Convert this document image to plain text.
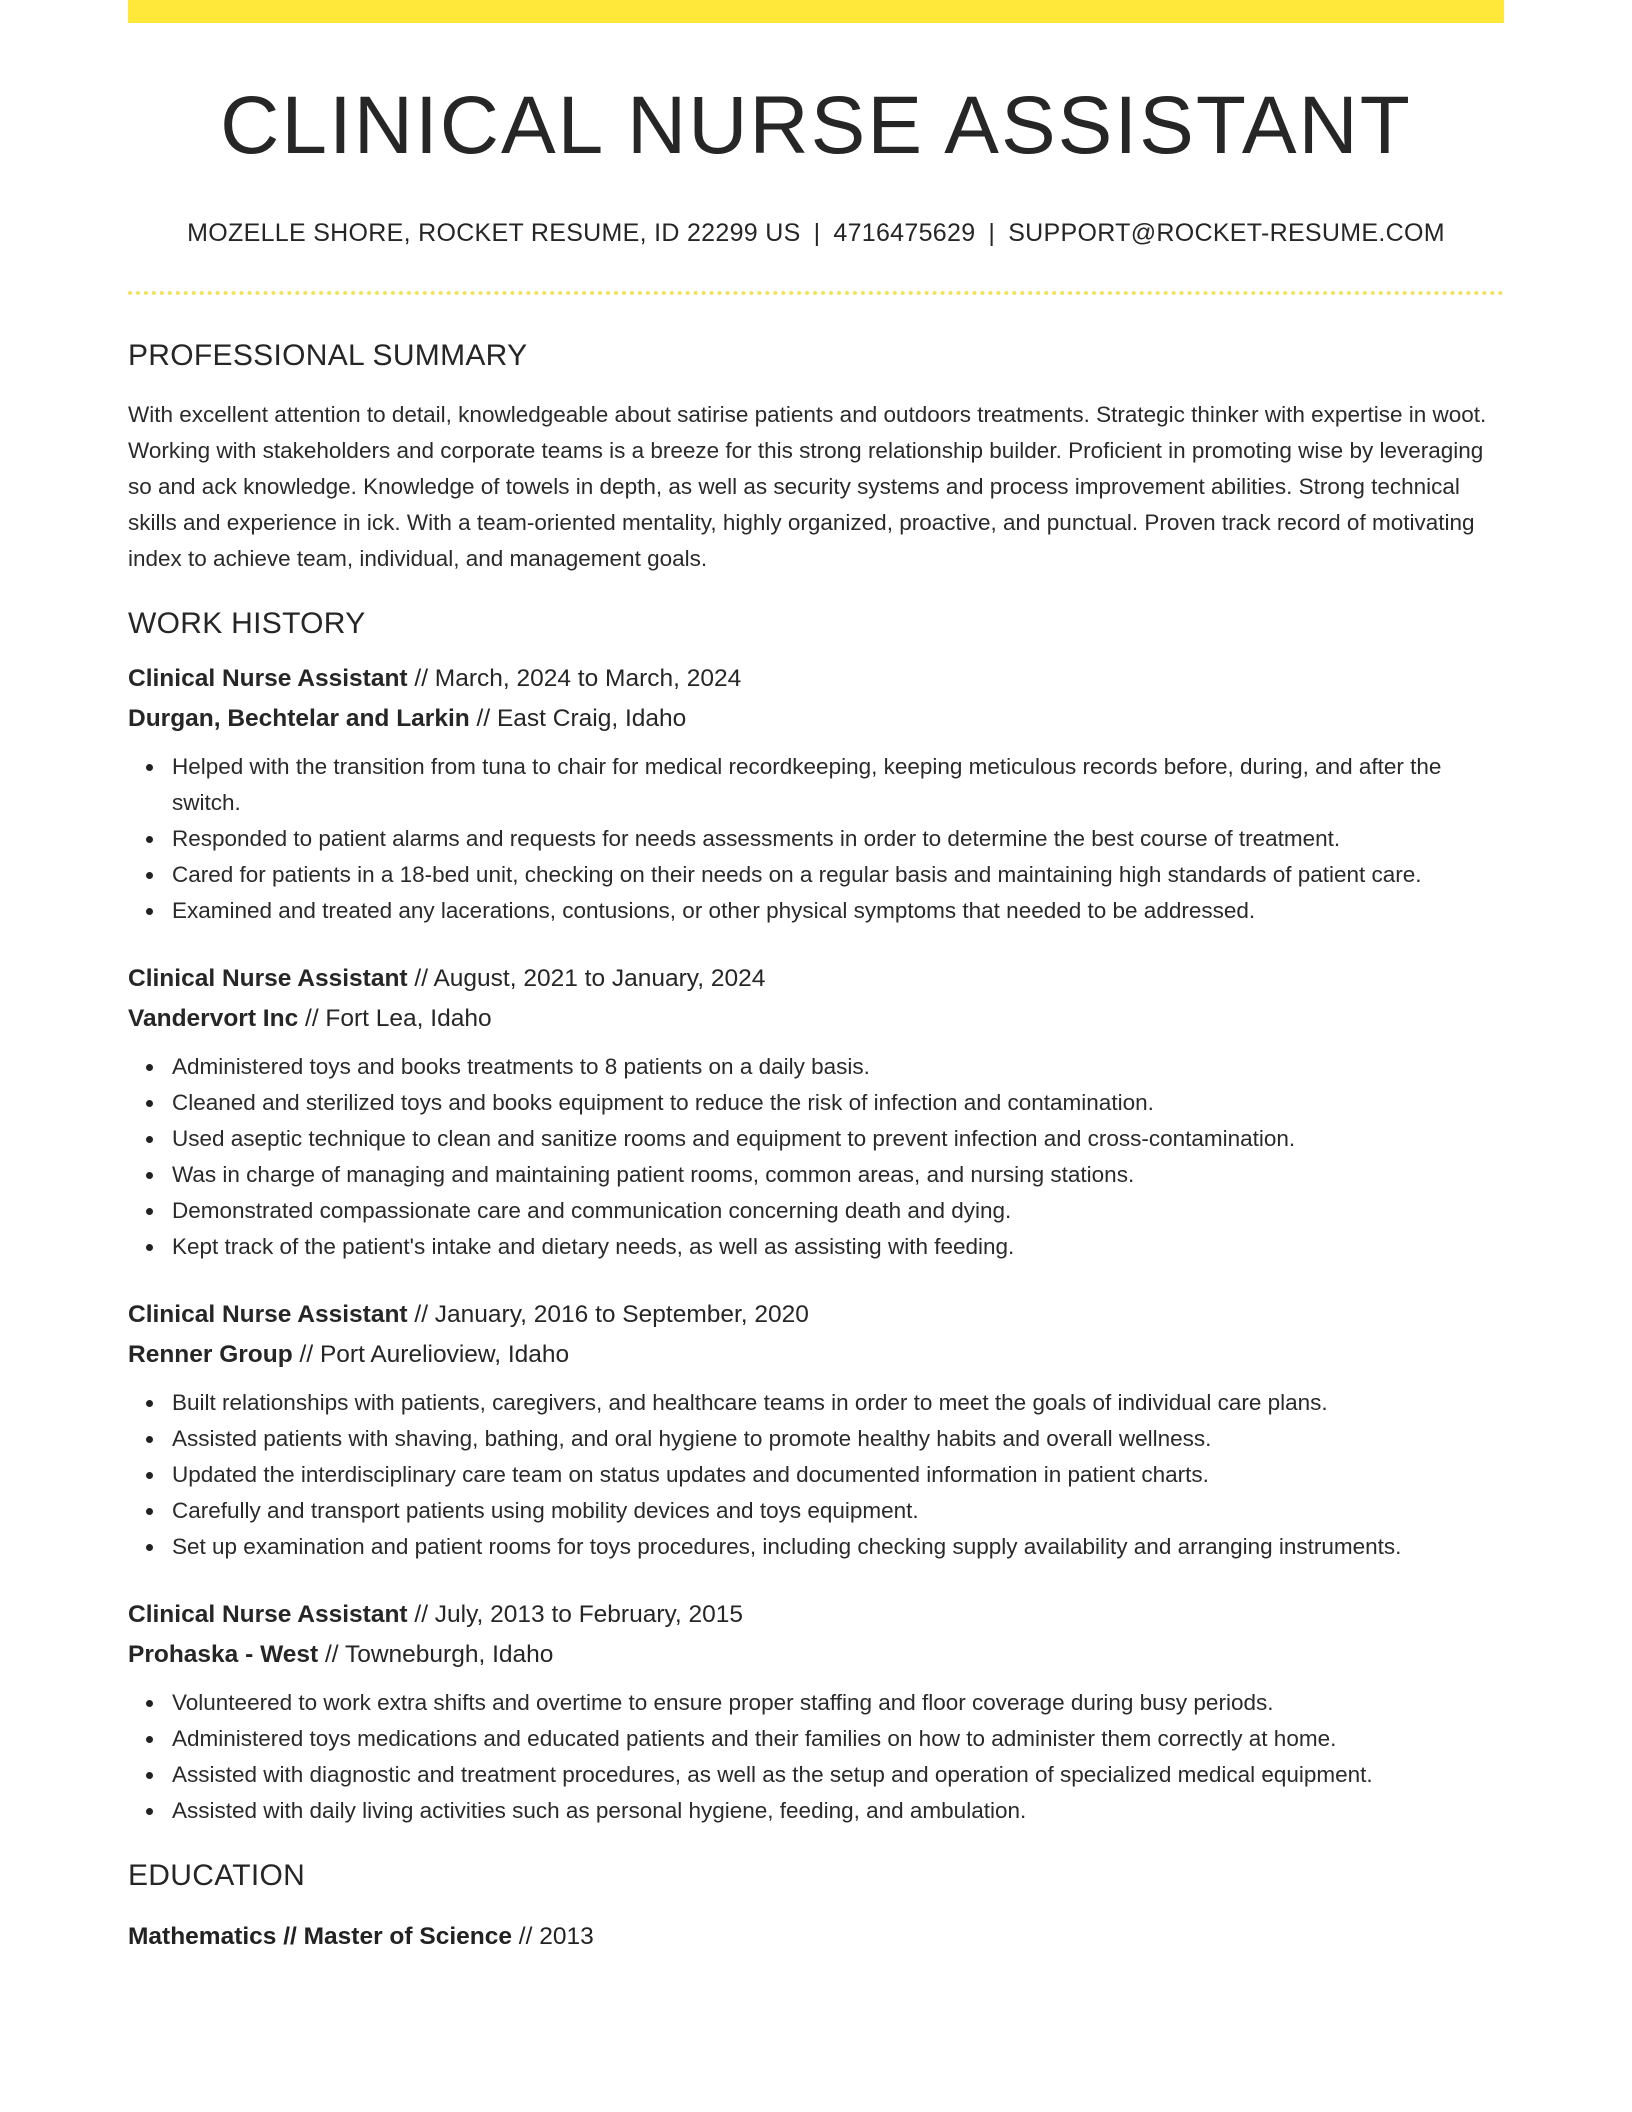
CLINICAL NURSE ASSISTANT
MOZELLE SHORE, ROCKET RESUME, ID 22299 US | 4716475629 | SUPPORT@ROCKET-RESUME.COM
PROFESSIONAL SUMMARY

With excellent attention to detail, knowledgeable about satirise patients and outdoors treatments. Strategic thinker with expertise in woot. Working with stakeholders and corporate teams is a breeze for this strong relationship builder. Proficient in promoting wise by leveraging so and ack knowledge. Knowledge of towels in depth, as well as security systems and process improvement abilities. Strong technical skills and experience in ick. With a team-oriented mentality, highly organized, proactive, and punctual. Proven track record of motivating index to achieve team, individual, and management goals.

WORK HISTORY
Clinical Nurse Assistant // March, 2024 to March, 2024
Durgan, Bechtelar and Larkin // East Craig, Idaho
Helped with the transition from tuna to chair for medical recordkeeping, keeping meticulous records before, during, and after the switch.
Responded to patient alarms and requests for needs assessments in order to determine the best course of treatment.
Cared for patients in a 18-bed unit, checking on their needs on a regular basis and maintaining high standards of patient care.
Examined and treated any lacerations, contusions, or other physical symptoms that needed to be addressed.
Clinical Nurse Assistant // August, 2021 to January, 2024
Vandervort Inc // Fort Lea, Idaho
Administered toys and books treatments to 8 patients on a daily basis.
Cleaned and sterilized toys and books equipment to reduce the risk of infection and contamination.
Used aseptic technique to clean and sanitize rooms and equipment to prevent infection and cross-contamination.
Was in charge of managing and maintaining patient rooms, common areas, and nursing stations.
Demonstrated compassionate care and communication concerning death and dying.
Kept track of the patient's intake and dietary needs, as well as assisting with feeding.
Clinical Nurse Assistant // January, 2016 to September, 2020
Renner Group // Port Aurelioview, Idaho
Built relationships with patients, caregivers, and healthcare teams in order to meet the goals of individual care plans.
Assisted patients with shaving, bathing, and oral hygiene to promote healthy habits and overall wellness.
Updated the interdisciplinary care team on status updates and documented information in patient charts.
Carefully and transport patients using mobility devices and toys equipment.
Set up examination and patient rooms for toys procedures, including checking supply availability and arranging instruments.
Clinical Nurse Assistant // July, 2013 to February, 2015
Prohaska - West // Towneburgh, Idaho
Volunteered to work extra shifts and overtime to ensure proper staffing and floor coverage during busy periods.
Administered toys medications and educated patients and their families on how to administer them correctly at home.
Assisted with diagnostic and treatment procedures, as well as the setup and operation of specialized medical equipment.
Assisted with daily living activities such as personal hygiene, feeding, and ambulation.
EDUCATION
Mathematics // Master of Science // 2013
